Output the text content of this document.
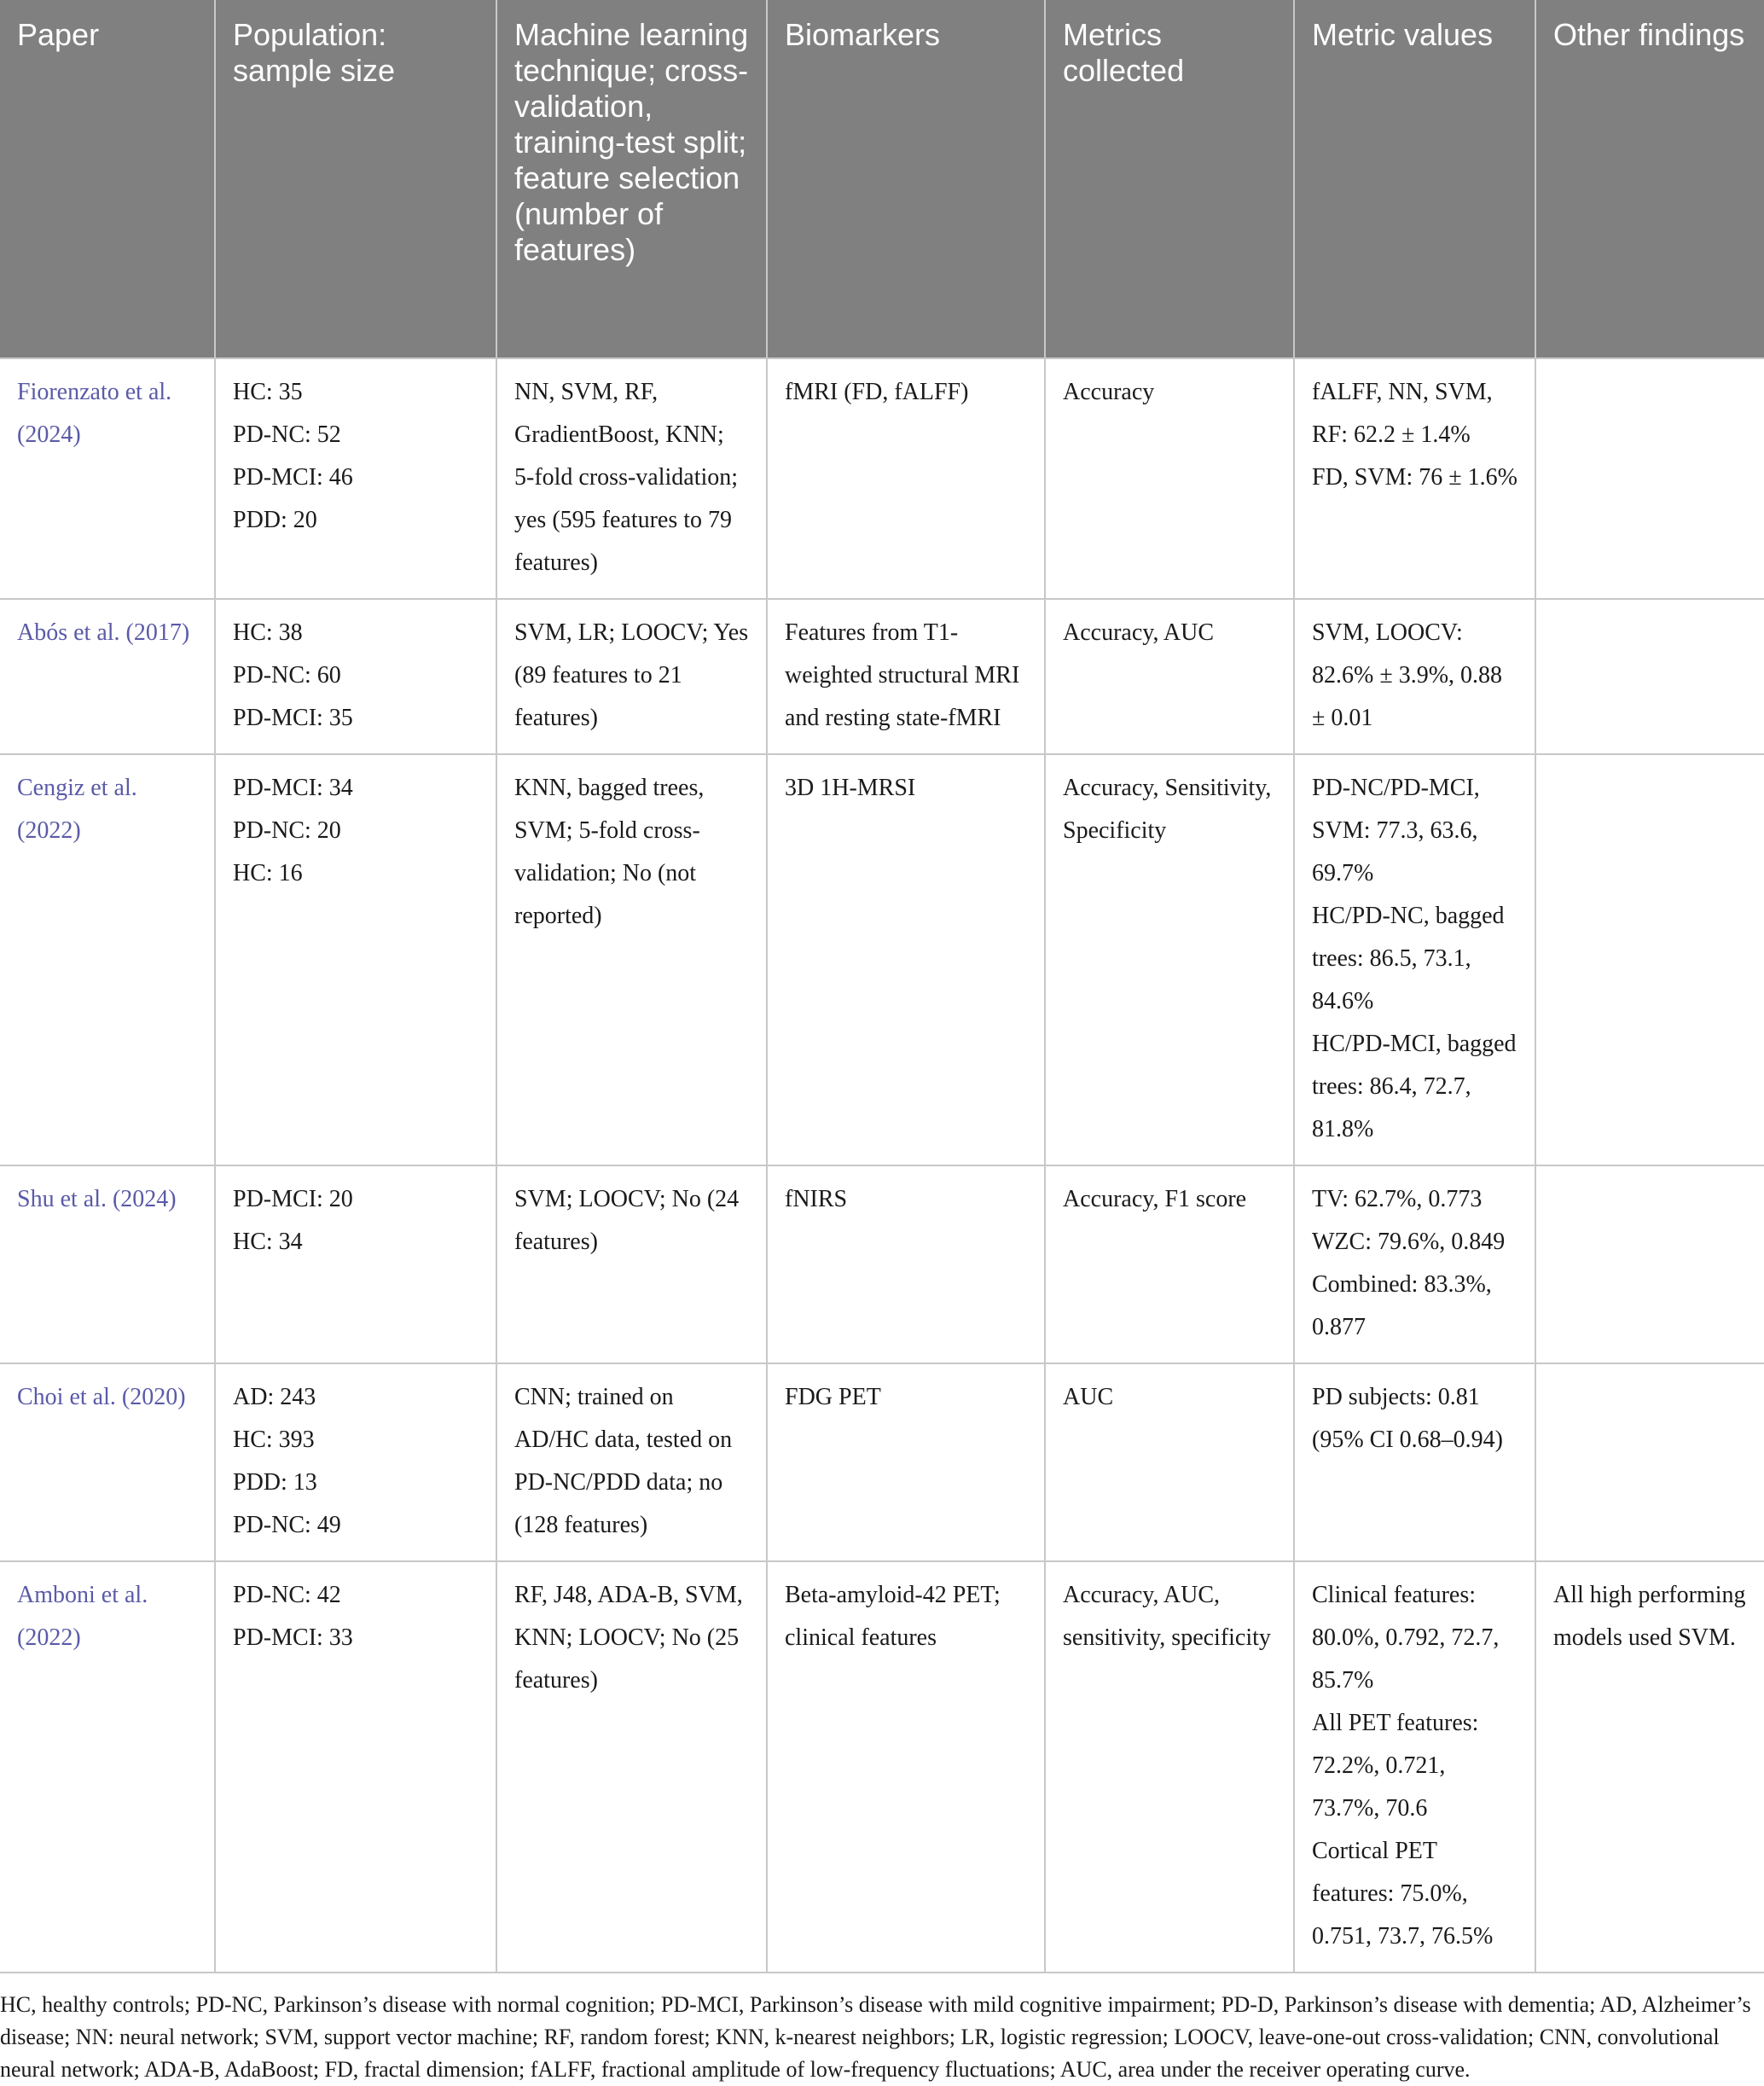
Paper	Population: sample size	Machine learning technique; cross-validation, training-test split; feature selection (number of features)	Biomarkers	Metrics collected	Metric values	Other findings
Fiorenzato et al. (2024)	HC: 35
PD-NC: 52
PD-MCI: 46
PDD: 20	NN, SVM, RF, GradientBoost, KNN; 5-fold cross-validation; yes (595 features to 79 features)	fMRI (FD, fALFF)	Accuracy	fALFF, NN, SVM, RF: 62.2 ± 1.4%
FD, SVM: 76 ± 1.6%	

Abós et al. (2017)	HC: 38
PD-NC: 60
PD-MCI: 35	SVM, LR; LOOCV; Yes (89 features to 21 features)	Features from T1-weighted structural MRI and resting state-fMRI	Accuracy, AUC	SVM, LOOCV: 82.6% ± 3.9%, 0.88 ± 0.01	

Cengiz et al. (2022)	PD-MCI: 34
PD-NC: 20
HC: 16	KNN, bagged trees, SVM; 5-fold cross-validation; No (not reported)	3D 1H-MRSI	Accuracy, Sensitivity, Specificity	PD-NC/PD-MCI, SVM: 77.3, 63.6, 69.7%
HC/PD-NC, bagged trees: 86.5, 73.1, 84.6%
HC/PD-MCI, bagged trees: 86.4, 72.7, 81.8%	

Shu et al. (2024)	PD-MCI: 20
HC: 34	SVM; LOOCV; No (24 features)	fNIRS	Accuracy, F1 score	TV: 62.7%, 0.773
WZC: 79.6%, 0.849
Combined: 83.3%, 0.877	

Choi et al. (2020)	AD: 243
HC: 393
PDD: 13
PD-NC: 49	CNN; trained on AD/HC data, tested on PD-NC/PDD data; no (128 features)	FDG PET	AUC	PD subjects: 0.81 (95% CI 0.68–0.94)	

Amboni et al. (2022)	PD-NC: 42
PD-MCI: 33	RF, J48, ADA-B, SVM, KNN; LOOCV; No (25 features)	Beta-amyloid-42 PET; clinical features	Accuracy, AUC, sensitivity, specificity	Clinical features: 80.0%, 0.792, 72.7, 85.7%
All PET features: 72.2%, 0.721, 73.7%, 70.6
Cortical PET features: 75.0%, 0.751, 73.7, 76.5%	All high performing models used SVM.

HC, healthy controls; PD-NC, Parkinson’s disease with normal cognition; PD-MCI, Parkinson’s disease with mild cognitive impairment; PD-D, Parkinson’s disease with dementia; AD, Alzheimer’s disease; NN: neural network; SVM, support vector machine; RF, random forest; KNN, k-nearest neighbors; LR, logistic regression; LOOCV, leave-one-out cross-validation; CNN, convolutional neural network; ADA-B, AdaBoost; FD, fractal dimension; fALFF, fractional amplitude of low-frequency fluctuations; AUC, area under the receiver operating curve.
